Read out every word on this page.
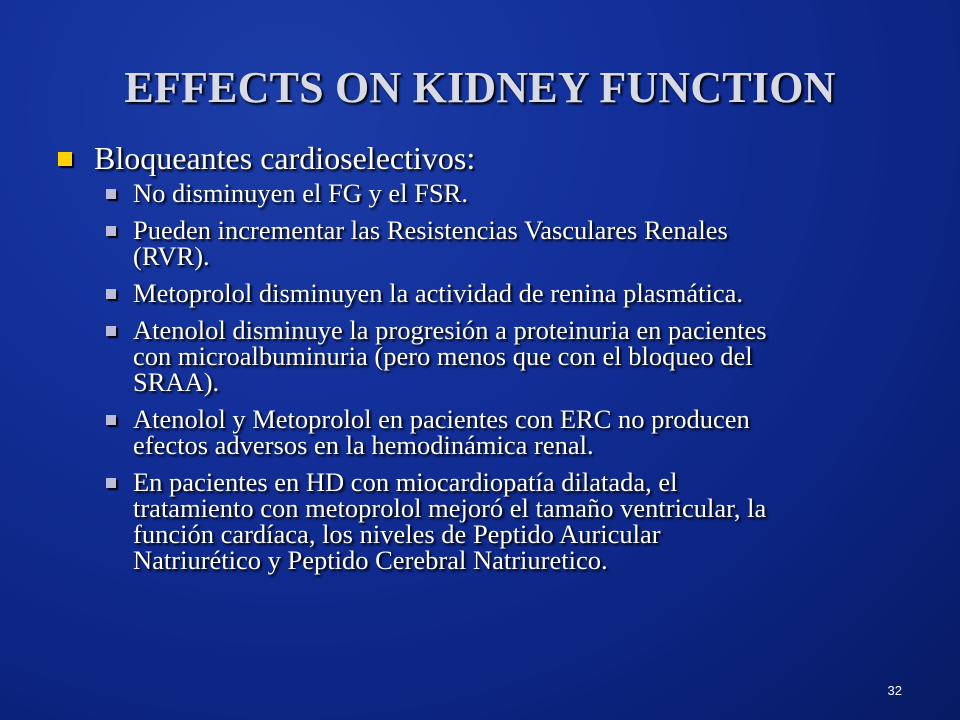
EFFECTS ON KIDNEY FUNCTION
Bloqueantes cardioselectivos:
No disminuyen el FG y el FSR.
Pueden incrementar las Resistencias Vasculares Renales
(RVR).
Metoprolol disminuyen la actividad de renina plasmática.
Atenolol disminuye la progresión a proteinuria en pacientes
con microalbuminuria (pero menos que con el bloqueo del
SRAA).
Atenolol y Metoprolol en pacientes con ERC no producen
efectos adversos en la hemodinámica renal.
En pacientes en HD con miocardiopatía dilatada, el
tratamiento con metoprolol mejoró el tamaño ventricular, la
función cardíaca, los niveles de Peptido Auricular
Natriurético y Peptido Cerebral Natriuretico.
32
